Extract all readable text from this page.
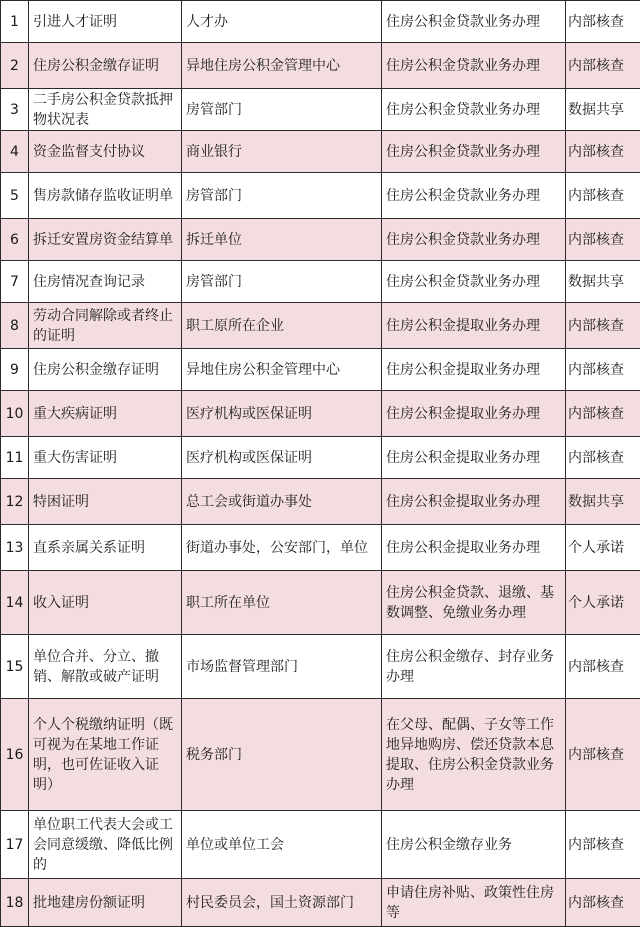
1	引进人才证明	人才办	住房公积金贷款业务办理	内部核查
2	住房公积金缴存证明	异地住房公积金管理中心	住房公积金贷款业务办理	内部核查
3	二手房公积金贷款抵押物状况表	房管部门	住房公积金贷款业务办理	数据共享
4	资金监督支付协议	商业银行	住房公积金贷款业务办理	内部核查
5	售房款储存监收证明单	房管部门	住房公积金贷款业务办理	内部核查
6	拆迁安置房资金结算单	拆迁单位	住房公积金贷款业务办理	内部核查
7	住房情况查询记录	房管部门	住房公积金贷款业务办理	数据共享
8	劳动合同解除或者终止的证明	职工原所在企业	住房公积金提取业务办理	内部核查
9	住房公积金缴存证明	异地住房公积金管理中心	住房公积金提取业务办理	内部核查
10	重大疾病证明	医疗机构或医保证明	住房公积金提取业务办理	内部核查
11	重大伤害证明	医疗机构或医保证明	住房公积金提取业务办理	内部核查
12	特困证明	总工会或街道办事处	住房公积金提取业务办理	数据共享
13	直系亲属关系证明	街道办事处，公安部门，单位	住房公积金提取业务办理	个人承诺
14	收入证明	职工所在单位	住房公积金贷款、退缴、基数调整、免缴业务办理	个人承诺
15	单位合并、分立、撤销、解散或破产证明	市场监督管理部门	住房公积金缴存、封存业务办理	内部核查
16	个人个税缴纳证明（既可视为在某地工作证明，也可佐证收入证明）	税务部门	在父母、配偶、子女等工作地异地购房、偿还贷款本息提取、住房公积金贷款业务办理	内部核查
17	单位职工代表大会或工会同意缓缴、降低比例的	单位或单位工会	住房公积金缴存业务	内部核查
18	批地建房份额证明	村民委员会，国土资源部门	申请住房补贴、政策性住房等	内部核查
